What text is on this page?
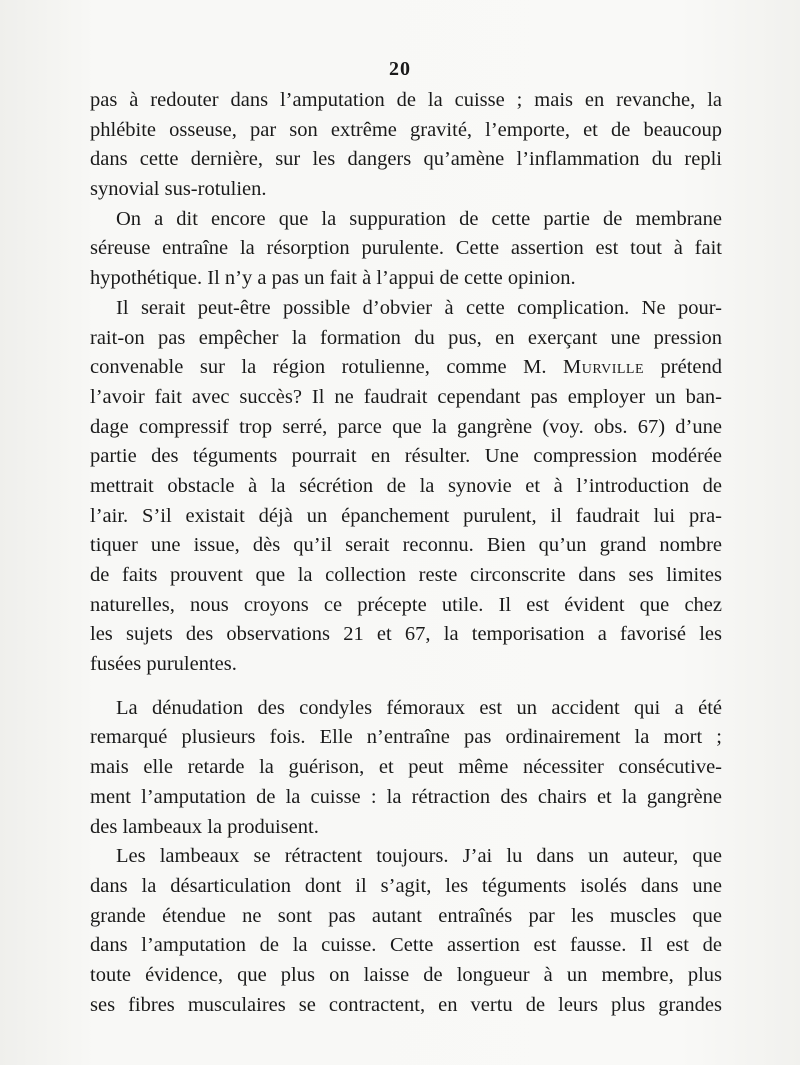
20
pas à redouter dans l’amputation de la cuisse ; mais en revanche, la
phlébite osseuse, par son extrême gravité, l’emporte, et de beaucoup
dans cette dernière, sur les dangers qu’amène l’inflammation du repli
synovial sus-rotulien.
On a dit encore que la suppuration de cette partie de membrane
séreuse entraîne la résorption purulente. Cette assertion est tout à fait
hypothétique. Il n’y a pas un fait à l’appui de cette opinion.
Il serait peut-être possible d’obvier à cette complication. Ne pour-
rait-on pas empêcher la formation du pus, en exerçant une pression
convenable sur la région rotulienne, comme M. Murville prétend
l’avoir fait avec succès? Il ne faudrait cependant pas employer un ban-
dage compressif trop serré, parce que la gangrène (voy. obs. 67) d’une
partie des téguments pourrait en résulter. Une compression modérée
mettrait obstacle à la sécrétion de la synovie et à l’introduction de
l’air. S’il existait déjà un épanchement purulent, il faudrait lui pra-
tiquer une issue, dès qu’il serait reconnu. Bien qu’un grand nombre
de faits prouvent que la collection reste circonscrite dans ses limites
naturelles, nous croyons ce précepte utile. Il est évident que chez
les sujets des observations 21 et 67, la temporisation a favorisé les
fusées purulentes.
La dénudation des condyles fémoraux est un accident qui a été
remarqué plusieurs fois. Elle n’entraîne pas ordinairement la mort ;
mais elle retarde la guérison, et peut même nécessiter consécutive-
ment l’amputation de la cuisse : la rétraction des chairs et la gangrène
des lambeaux la produisent.
Les lambeaux se rétractent toujours. J’ai lu dans un auteur, que
dans la désarticulation dont il s’agit, les téguments isolés dans une
grande étendue ne sont pas autant entraînés par les muscles que
dans l’amputation de la cuisse. Cette assertion est fausse. Il est de
toute évidence, que plus on laisse de longueur à un membre, plus
ses fibres musculaires se contractent, en vertu de leurs plus grandes
